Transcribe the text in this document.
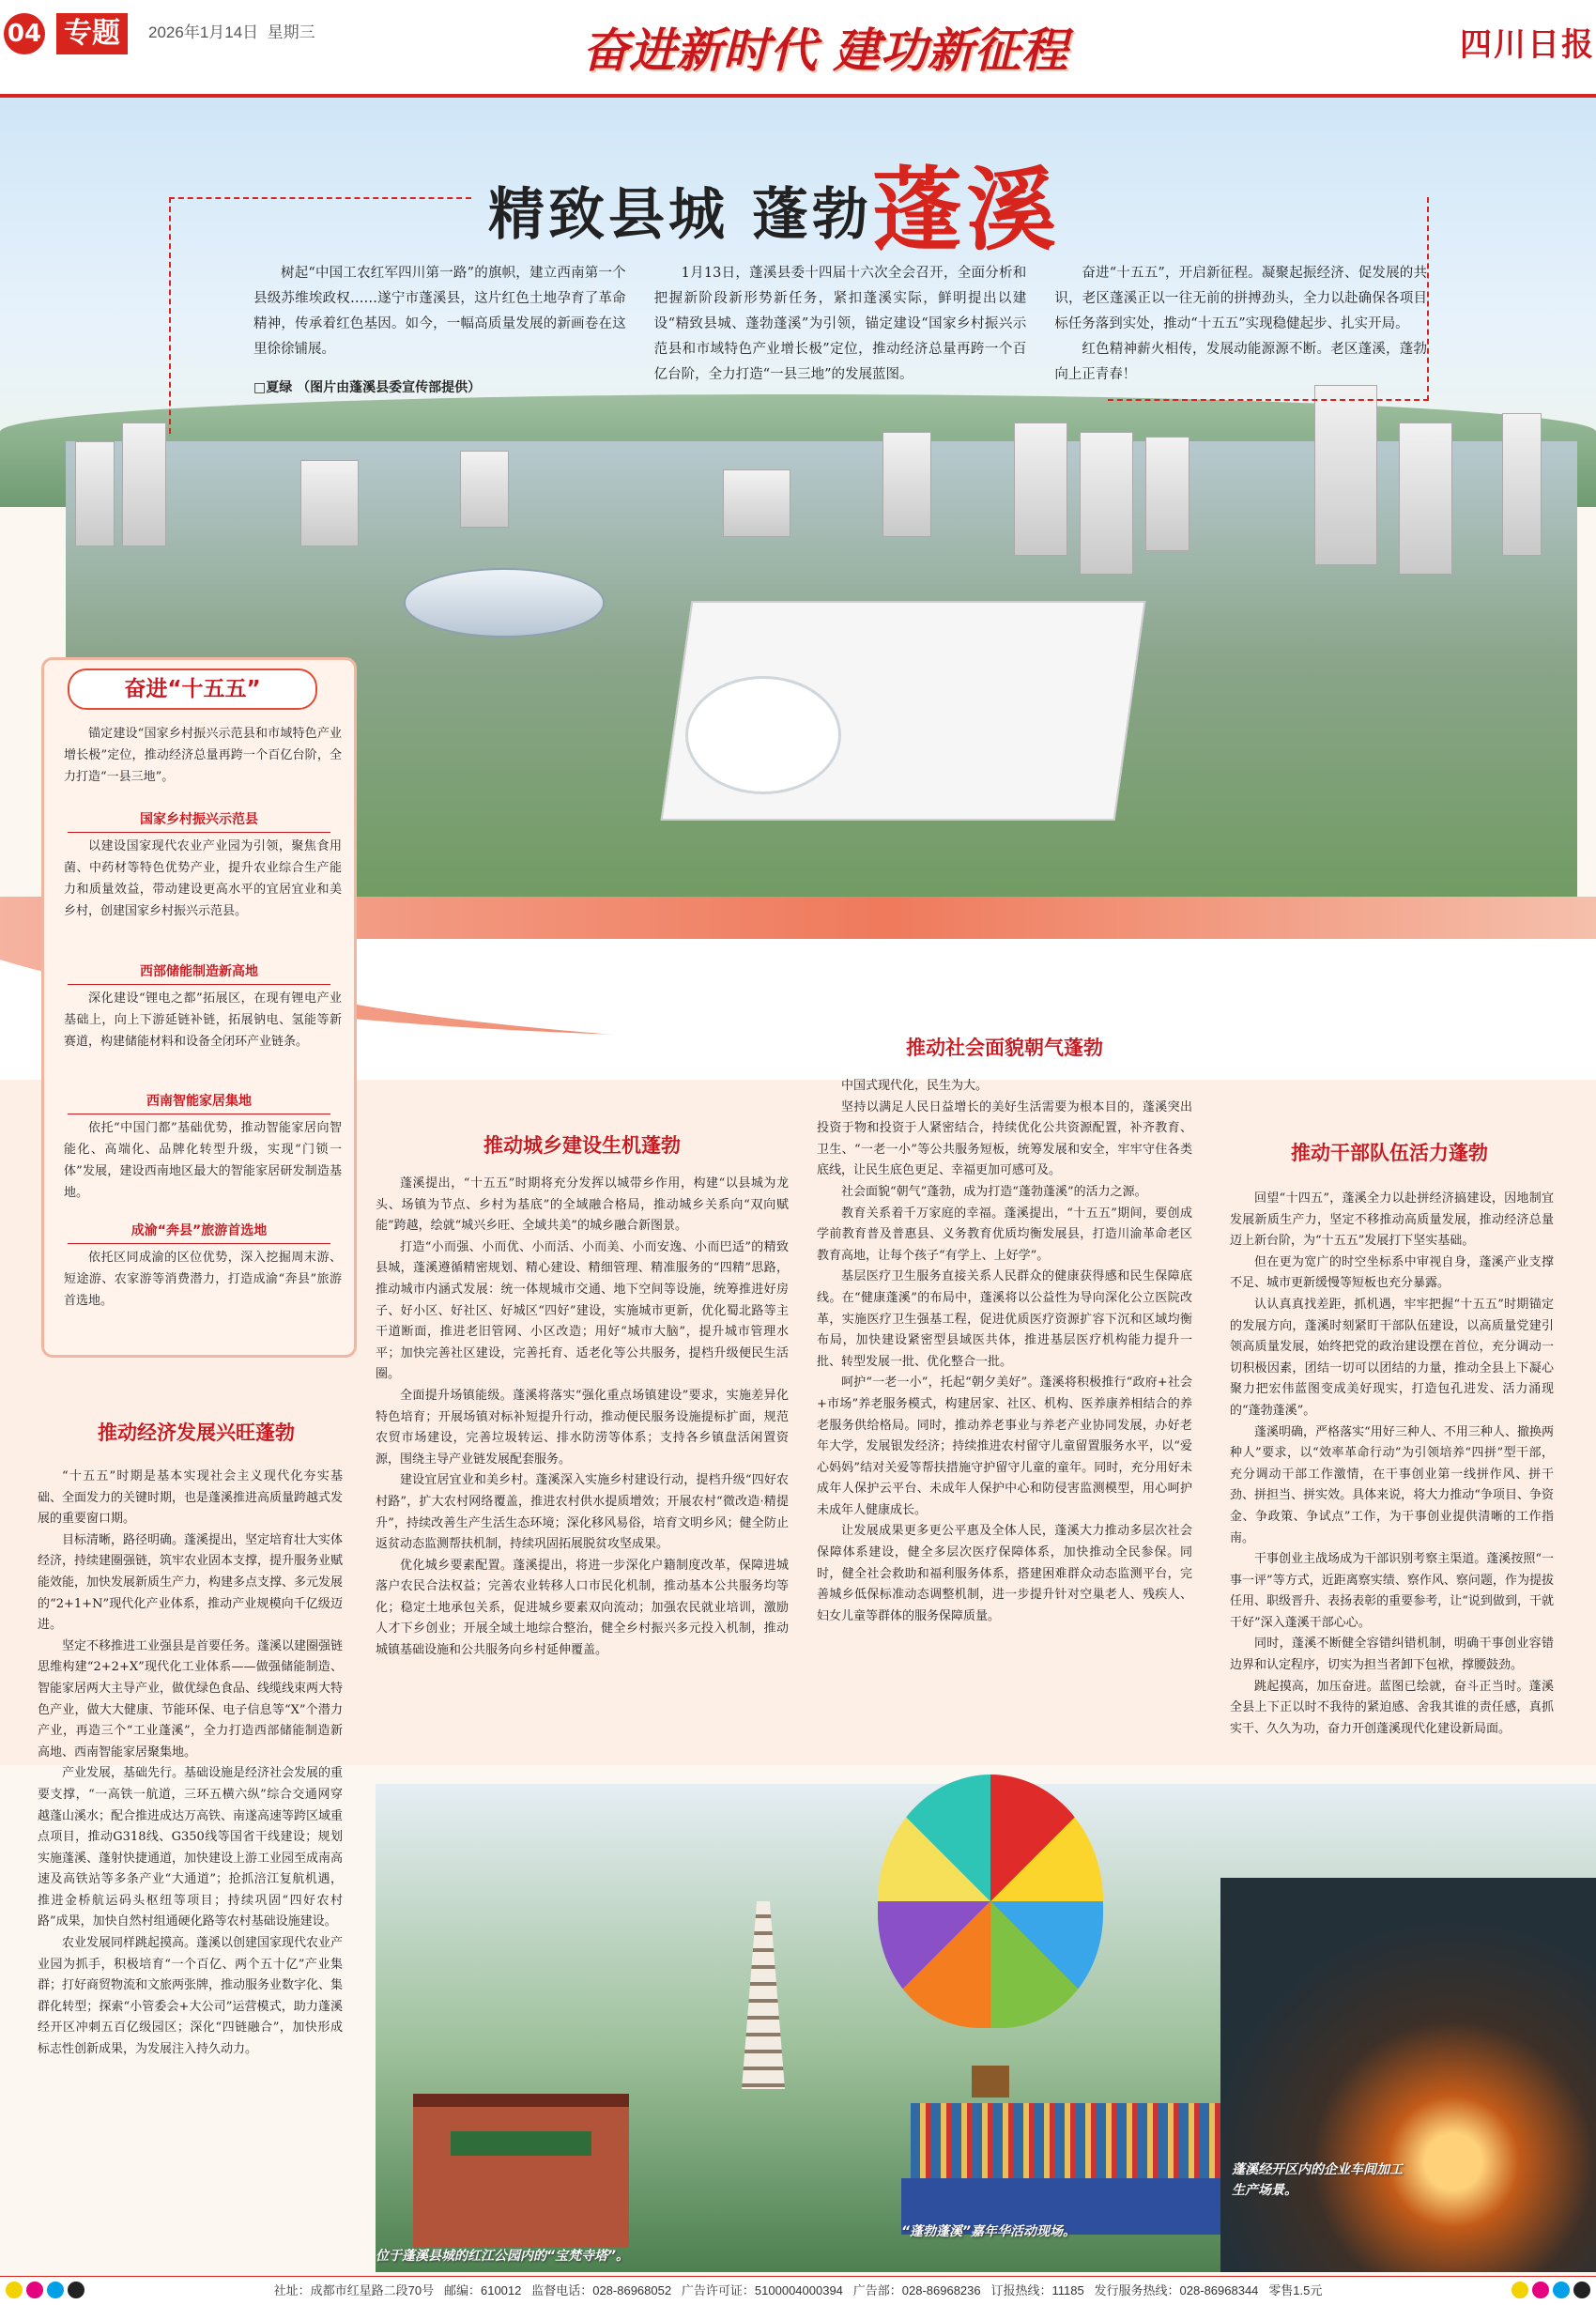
04 专题	2026年1月14日 星期三	奋进新时代 建功新征程	四川日报
精致县城 蓬勃蓬溪

树起“中国工农红军四川第一路”的旗帜，建立西南第一个县级苏维埃政权……遂宁市蓬溪县，这片红色土地孕育了革命精神，传承着红色基因。如今，一幅高质量发展的新画卷在这里徐徐铺展。

1月13日，蓬溪县委十四届十六次全会召开，全面分析和把握新阶段新形势新任务，紧扣蓬溪实际，鲜明提出以建设“精致县城、蓬勃蓬溪”为引领，锚定建设“国家乡村振兴示范县和市域特色产业增长极”定位，推动经济总量再跨一个百亿台阶，全力打造“一县三地”的发展蓝图。

奋进“十五五”，开启新征程。凝聚起振经济、促发展的共识，老区蓬溪正以一往无前的拼搏劲头，全力以赴确保各项目标任务落到实处，推动“十五五”实现稳健起步、扎实开局。

红色精神薪火相传，发展动能源源不断。老区蓬溪，蓬勃向上正青春！

□夏绿 （图片由蓬溪县委宣传部提供）
奋进“十五五”
锚定建设“国家乡村振兴示范县和市域特色产业增长极”定位，推动经济总量再跨一个百亿台阶，全力打造“一县三地”。
国家乡村振兴示范县
以建设国家现代农业产业园为引领，聚焦食用菌、中药材等特色优势产业，提升农业综合生产能力和质量效益，带动建设更高水平的宜居宜业和美乡村，创建国家乡村振兴示范县。
西部储能制造新高地
深化建设“锂电之都”拓展区，在现有锂电产业基础上，向上下游延链补链，拓展钠电、氢能等新赛道，构建储能材料和设备全闭环产业链条。
西南智能家居集地
依托“中国门都”基础优势，推动智能家居向智能化、高端化、品牌化转型升级，实现“门锁一体”发展，建设西南地区最大的智能家居研发制造基地。
成渝“奔县”旅游首选地
依托区同成渝的区位优势，深入挖掘周末游、短途游、农家游等消费潜力，打造成渝“奔县”旅游首选地。
推动经济发展兴旺蓬勃

“十五五”时期是基本实现社会主义现代化夯实基础、全面发力的关键时期，也是蓬溪推进高质量跨越式发展的重要窗口期。

目标清晰，路径明确。蓬溪提出，坚定培育壮大实体经济，持续建圈强链，筑牢农业固本支撑，提升服务业赋能效能，加快发展新质生产力，构建多点支撑、多元发展的“2+1+N”现代化产业体系，推动产业规模向千亿级迈进。

坚定不移推进工业强县是首要任务。蓬溪以建圈强链思维构建“2+2+X”现代化工业体系——做强储能制造、智能家居两大主导产业，做优绿色食品、线缆线束两大特色产业，做大大健康、节能环保、电子信息等“X”个潜力产业，再造三个“工业蓬溪”，全力打造西部储能制造新高地、西南智能家居聚集地。

产业发展，基础先行。基础设施是经济社会发展的重要支撑，“一高铁一航道，三环五横六纵”综合交通网穿越蓬山溪水；配合推进成达万高铁、南遂高速等跨区域重点项目，推动G318线、G350线等国省干线建设；规划实施蓬溪、蓬射快捷通道，加快建设上游工业园至成南高速及高铁站等多条产业“大通道”；抢抓涪江复航机遇，推进金桥航运码头枢纽等项目；持续巩固“四好农村路”成果，加快自然村组通硬化路等农村基础设施建设。

农业发展同样跳起摸高。蓬溪以创建国家现代农业产业园为抓手，积极培育“一个百亿、两个五十亿”产业集群；打好商贸物流和文旅两张牌，推动服务业数字化、集群化转型；探索“小管委会+大公司”运营模式，助力蓬溪经开区冲刺五百亿级园区；深化“四链融合”，加快形成标志性创新成果，为发展注入持久动力。

推动城乡建设生机蓬勃

蓬溪提出，“十五五”时期将充分发挥以城带乡作用，构建“以县城为龙头、场镇为节点、乡村为基底”的全域融合格局，推动城乡关系向“双向赋能”跨越，绘就“城兴乡旺、全域共美”的城乡融合新图景。

打造“小而强、小而优、小而活、小而美、小而安逸、小而巴适”的精致县城，蓬溪遵循精密规划、精心建设、精细管理、精准服务的“四精”思路，推动城市内涵式发展：统一体规城市交通、地下空间等设施，统筹推进好房子、好小区、好社区、好城区“四好”建设，实施城市更新，优化蜀北路等主干道断面，推进老旧管网、小区改造；用好“城市大脑”，提升城市管理水平；加快完善社区建设，完善托育、适老化等公共服务，提档升级便民生活圈。

全面提升场镇能级。蓬溪将落实“强化重点场镇建设”要求，实施差异化特色培育；开展场镇对标补短提升行动，推动便民服务设施提标扩面，规范农贸市场建设，完善垃圾转运、排水防涝等体系；支持各乡镇盘活闲置资源，围绕主导产业链发展配套服务。

建设宜居宜业和美乡村。蓬溪深入实施乡村建设行动，提档升级“四好农村路”，扩大农村网络覆盖，推进农村供水提质增效；开展农村“微改造·精提升”，持续改善生产生活生态环境；深化移风易俗，培育文明乡风；健全防止返贫动态监测帮扶机制，持续巩固拓展脱贫攻坚成果。

优化城乡要素配置。蓬溪提出，将进一步深化户籍制度改革，保障进城落户农民合法权益；完善农业转移人口市民化机制，推动基本公共服务均等化；稳定土地承包关系，促进城乡要素双向流动；加强农民就业培训，激励人才下乡创业；开展全域土地综合整治，健全乡村振兴多元投入机制，推动城镇基础设施和公共服务向乡村延伸覆盖。

推动社会面貌朝气蓬勃

中国式现代化，民生为大。

坚持以满足人民日益增长的美好生活需要为根本目的，蓬溪突出投资于物和投资于人紧密结合，持续优化公共资源配置，补齐教育、卫生、“一老一小”等公共服务短板，统筹发展和安全，牢牢守住各类底线，让民生底色更足、幸福更加可感可及。

社会面貌“朝气”蓬勃，成为打造“蓬勃蓬溪”的活力之源。

教育关系着千万家庭的幸福。蓬溪提出，“十五五”期间，要创成学前教育普及普惠县、义务教育优质均衡发展县，打造川渝革命老区教育高地，让每个孩子“有学上、上好学”。

基层医疗卫生服务直接关系人民群众的健康获得感和民生保障底线。在“健康蓬溪”的布局中，蓬溪将以公益性为导向深化公立医院改革，实施医疗卫生强基工程，促进优质医疗资源扩容下沉和区域均衡布局，加快建设紧密型县域医共体，推进基层医疗机构能力提升一批、转型发展一批、优化整合一批。

呵护“一老一小”，托起“朝夕美好”。蓬溪将积极推行“政府+社会+市场”养老服务模式，构建居家、社区、机构、医养康养相结合的养老服务供给格局。同时，推动养老事业与养老产业协同发展，办好老年大学，发展银发经济；持续推进农村留守儿童留置服务水平，以“爱心妈妈”结对关爱等帮扶措施守护留守儿童的童年。同时，充分用好未成年人保护云平台、未成年人保护中心和防侵害监测模型，用心呵护未成年人健康成长。

让发展成果更多更公平惠及全体人民，蓬溪大力推动多层次社会保障体系建设，健全多层次医疗保障体系，加快推动全民参保。同时，健全社会救助和福利服务体系，搭建困难群众动态监测平台，完善城乡低保标准动态调整机制，进一步提升针对空巢老人、残疾人、妇女儿童等群体的服务保障质量。

推动干部队伍活力蓬勃

回望“十四五”，蓬溪全力以赴拼经济搞建设，因地制宜发展新质生产力，坚定不移推动高质量发展，推动经济总量迈上新台阶，为“十五五”发展打下坚实基础。

但在更为宽广的时空坐标系中审视自身，蓬溪产业支撑不足、城市更新缓慢等短板也充分暴露。

认认真真找差距，抓机遇，牢牢把握“十五五”时期锚定的发展方向，蓬溪时刻紧盯干部队伍建设，以高质量党建引领高质量发展，始终把党的政治建设摆在首位，充分调动一切积极因素，团结一切可以团结的力量，推动全县上下凝心聚力把宏伟蓝图变成美好现实，打造包孔进发、活力涌现的“蓬勃蓬溪”。

蓬溪明确，严格落实“用好三种人、不用三种人、撤换两种人”要求，以“效率革命行动”为引领培养“四拼”型干部，充分调动干部工作激情，在干事创业第一线拼作风、拼干劲、拼担当、拼实效。具体来说，将大力推动“争项目、争资金、争政策、争试点”工作，为干事创业提供清晰的工作指南。

干事创业主战场成为干部识别考察主渠道。蓬溪按照“一事一评”等方式，近距离察实绩、察作风、察问题，作为提拔任用、职级晋升、表扬表彰的重要参考，让“说到做到，干就干好”深入蓬溪干部心心。

同时，蓬溪不断健全容错纠错机制，明确干事创业容错边界和认定程序，切实为担当者卸下包袱，撑腰鼓劲。

跳起摸高，加压奋进。蓝图已绘就，奋斗正当时。蓬溪全县上下正以时不我待的紧迫感、舍我其谁的责任感，真抓实干、久久为功，奋力开创蓬溪现代化建设新局面。

位于蓬溪县城的红江公园内的“宝梵寺塔”。
“蓬勃蓬溪”嘉年华活动现场。
蓬溪经开区内的企业车间加工生产场景。
社址：成都市红星路二段70号 邮编：610012 监督电话：028-86968052 广告许可证：5100004000394 广告部：028-86968236 订报热线：11185 发行服务热线：028-86968344 零售1.5元
